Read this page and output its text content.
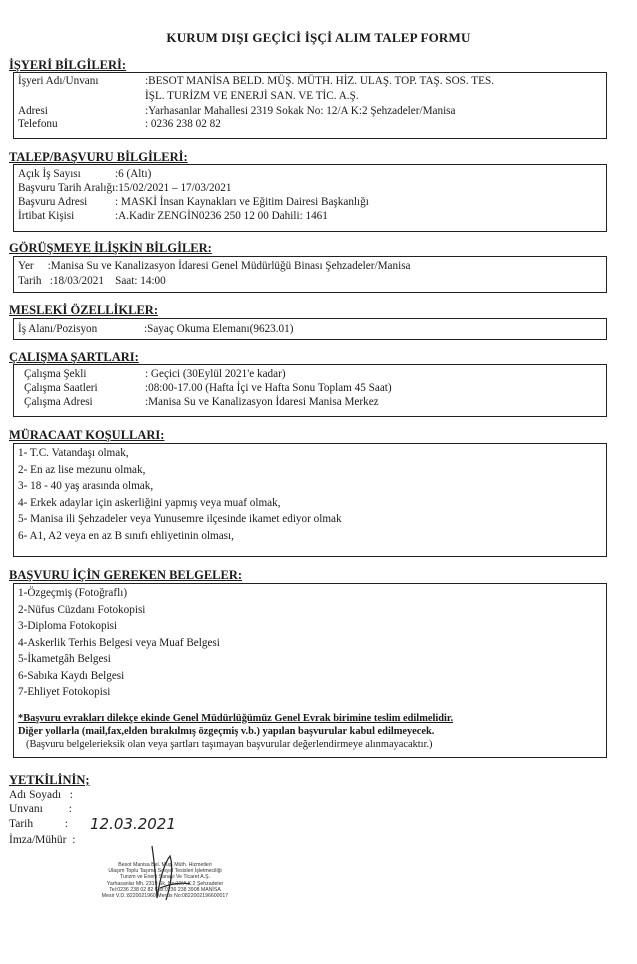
KURUM DIŞI GEÇİCİ İŞÇİ ALIM TALEP FORMU
İŞYERİ BİLGİLERİ:
İşyeri Adı/Unvanı	:BESOT MANİSA BELD. MÜŞ. MÜTH. HİZ. ULAŞ. TOP. TAŞ. SOS. TES.
İŞL. TURİZM VE ENERJİ SAN. VE TİC. A.Ş.
Adresi	:Yarhasanlar Mahallesi 2319 Sokak No: 12/A K:2 Şehzadeler/Manisa
Telefonu	: 0236 238 02 82
TALEP/BAŞVURU BİLGİLERİ:
Açık İş Sayısı	:6 (Altı)
Başvuru Tarih Aralığı:15/02/2021 – 17/03/2021
Başvuru Adresi : MASKİ İnsan Kaynakları ve Eğitim Dairesi Başkanlığı
İrtibat Kişisi	:A.Kadir ZENGİN0236 250 12 00 Dahili: 1461
GÖRÜŞMEYE İLİŞKİN BİLGİLER:
Yer     :Manisa Su ve Kanalizasyon İdaresi Genel Müdürlüğü Binası Şehzadeler/Manisa
Tarih   :18/03/2021    Saat: 14:00
MESLEKİ ÖZELLİKLER:
İş Alanı/Pozisyon	:Sayaç Okuma Elemanı(9623.01)
ÇALIŞMA ŞARTLARI:
Çalışma Şekli	: Geçici (30Eylül 2021'e kadar)
Çalışma Saatleri	:08:00-17.00 (Hafta İçi ve Hafta Sonu Toplam 45 Saat)
Çalışma Adresi	:Manisa Su ve Kanalizasyon İdaresi Manisa Merkez
MÜRACAAT KOŞULLARI:
1- T.C. Vatandaşı olmak,
2- En az lise mezunu olmak,
3- 18 - 40 yaş arasında olmak,
4- Erkek adaylar için askerliğini yapmış veya muaf olmak,
5- Manisa ili Şehzadeler veya Yunusemre ilçesinde ikamet ediyor olmak
6- A1, A2 veya en az B sınıfı ehliyetinin olması,
BAŞVURU İÇİN GEREKEN BELGELER:
1-Özgeçmiş (Fotoğraflı)
2-Nüfus Cüzdanı Fotokopisi
3-Diploma Fotokopisi
4-Askerlik Terhis Belgesi veya Muaf Belgesi
5-İkametgâh Belgesi
6-Sabıka Kaydı Belgesi
7-Ehliyet Fotokopisi
*Başvuru evrakları dilekçe ekinde Genel Müdürlüğümüz Genel Evrak birimine teslim edilmelidir.
Diğer yollarla (mail,fax,elden bırakılmış özgeçmiş v.b.) yapılan başvurular kabul edilmeyecek.
(Başvuru belgelerieksik olan veya şartları taşımayan başvurular değerlendirmeye alınmayacaktır.)
YETKİLİNİN;
Adı Soyadı   :
Unvanı         :
Tarih           : 12.03.2021
İmza/Mühür  :
Besot Manisa Bel. Müş. Müth. Hizmetleri
Ulaşım Toplu Taşıma Sosyal Tesisleri İşletmeciliği
Turizm ve Enerji Sanayi Ve Ticaret A.Ş.
Yarhasanlar Mh. 2319 Sk. No:12/A K:2 Şehzadeler
Tel:0236 238 02 82 Fax:0236 238 3908 MANİSA
Mesir V.D.:8220021960 Mersis No:0822002196600017
